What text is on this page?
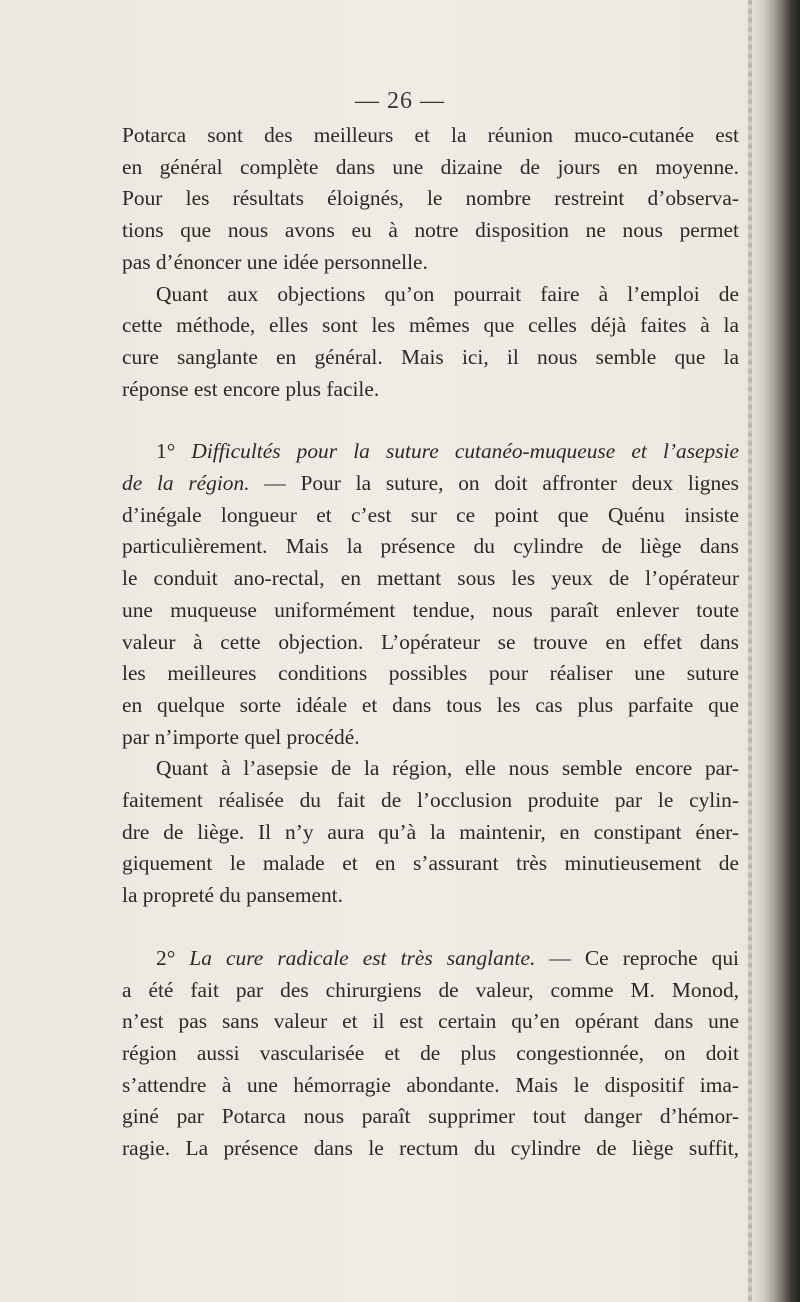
— 26 —

Potarca sont des meilleurs et la réunion muco-cutanée est
en général complète dans une dizaine de jours en moyenne.
Pour les résultats éloignés, le nombre restreint d’observa-
tions que nous avons eu à notre disposition ne nous permet
pas d’énoncer une idée personnelle.

Quant aux objections qu’on pourrait faire à l’emploi de
cette méthode, elles sont les mêmes que celles déjà faites à la
cure sanglante en général. Mais ici, il nous semble que la
réponse est encore plus facile.

1° Difficultés pour la suture cutanéo-muqueuse et l’asepsie
de la région. — Pour la suture, on doit affronter deux lignes
d’inégale longueur et c’est sur ce point que Quénu insiste
particulièrement. Mais la présence du cylindre de liège dans
le conduit ano-rectal, en mettant sous les yeux de l’opérateur
une muqueuse uniformément tendue, nous paraît enlever toute
valeur à cette objection. L’opérateur se trouve en effet dans
les meilleures conditions possibles pour réaliser une suture
en quelque sorte idéale et dans tous les cas plus parfaite que
par n’importe quel procédé.

Quant à l’asepsie de la région, elle nous semble encore par-
faitement réalisée du fait de l’occlusion produite par le cylin-
dre de liège. Il n’y aura qu’à la maintenir, en constipant éner-
giquement le malade et en s’assurant très minutieusement de
la propreté du pansement.

2° La cure radicale est très sanglante. — Ce reproche qui
a été fait par des chirurgiens de valeur, comme M. Monod,
n’est pas sans valeur et il est certain qu’en opérant dans une
région aussi vascularisée et de plus congestionnée, on doit
s’attendre à une hémorragie abondante. Mais le dispositif ima-
giné par Potarca nous paraît supprimer tout danger d’hémor-
ragie. La présence dans le rectum du cylindre de liège suffit,
